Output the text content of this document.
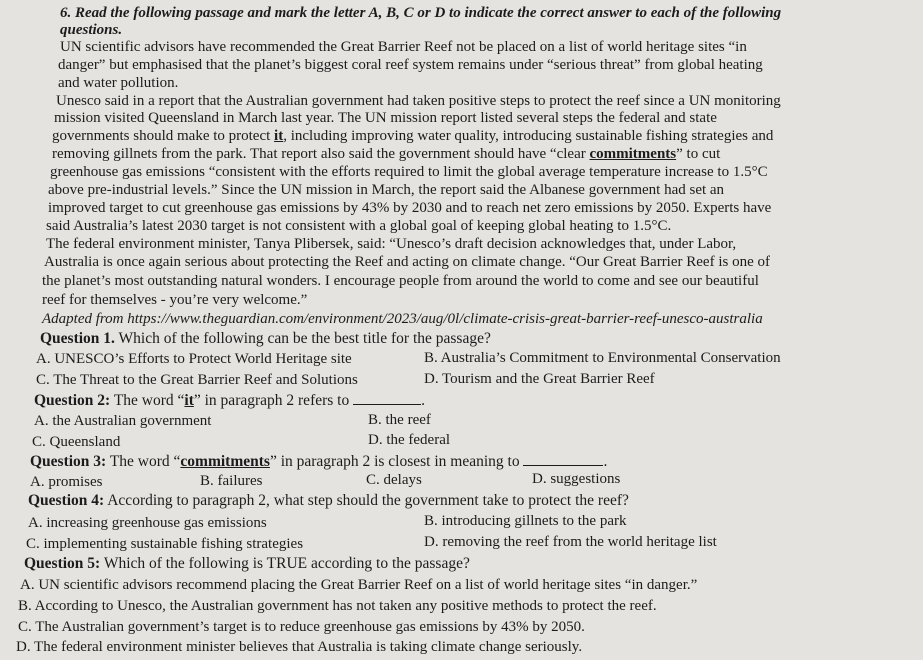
6. Read the following passage and mark the letter A, B, C or D to indicate the correct answer to each of the following
questions.
UN scientific advisors have recommended the Great Barrier Reef not be placed on a list of world heritage sites “in
danger” but emphasised that the planet’s biggest coral reef system remains under “serious threat” from global heating
and water pollution.
Unesco said in a report that the Australian government had taken positive steps to protect the reef since a UN monitoring
mission visited Queensland in March last year. The UN mission report listed several steps the federal and state
governments should make to protect it, including improving water quality, introducing sustainable fishing strategies and
removing gillnets from the park. That report also said the government should have “clear commitments” to cut
greenhouse gas emissions “consistent with the efforts required to limit the global average temperature increase to 1.5°C
above pre-industrial levels.” Since the UN mission in March, the report said the Albanese government had set an
improved target to cut greenhouse gas emissions by 43% by 2030 and to reach net zero emissions by 2050. Experts have
said Australia’s latest 2030 target is not consistent with a global goal of keeping global heating to 1.5°C.
The federal environment minister, Tanya Plibersek, said: “Unesco’s draft decision acknowledges that, under Labor,
Australia is once again serious about protecting the Reef and acting on climate change. “Our Great Barrier Reef is one of
the planet’s most outstanding natural wonders. I encourage people from around the world to come and see our beautiful
reef for themselves - you’re very welcome.”
Adapted from https://www.theguardian.com/environment/2023/aug/0l/climate-crisis-great-barrier-reef-unesco-australia
Question 1. Which of the following can be the best title for the passage?
A. UNESCO’s Efforts to Protect World Heritage site	B. Australia’s Commitment to Environmental Conservation
C. The Threat to the Great Barrier Reef and Solutions	D. Tourism and the Great Barrier Reef
Question 2: The word “it” in paragraph 2 refers to	.
A. the Australian government	B. the reef
C. Queensland	D. the federal
Question 3: The word “commitments” in paragraph 2 is closest in meaning to	.
A. promises	B. failures	C. delays	D. suggestions
Question 4: According to paragraph 2, what step should the government take to protect the reef?
A. increasing greenhouse gas emissions	B. introducing gillnets to the park
C. implementing sustainable fishing strategies	D. removing the reef from the world heritage list
Question 5: Which of the following is TRUE according to the passage?
A. UN scientific advisors recommend placing the Great Barrier Reef on a list of world heritage sites “in danger.”
B. According to Unesco, the Australian government has not taken any positive methods to protect the reef.
C. The Australian government’s target is to reduce greenhouse gas emissions by 43% by 2050.
D. The federal environment minister believes that Australia is taking climate change seriously.
